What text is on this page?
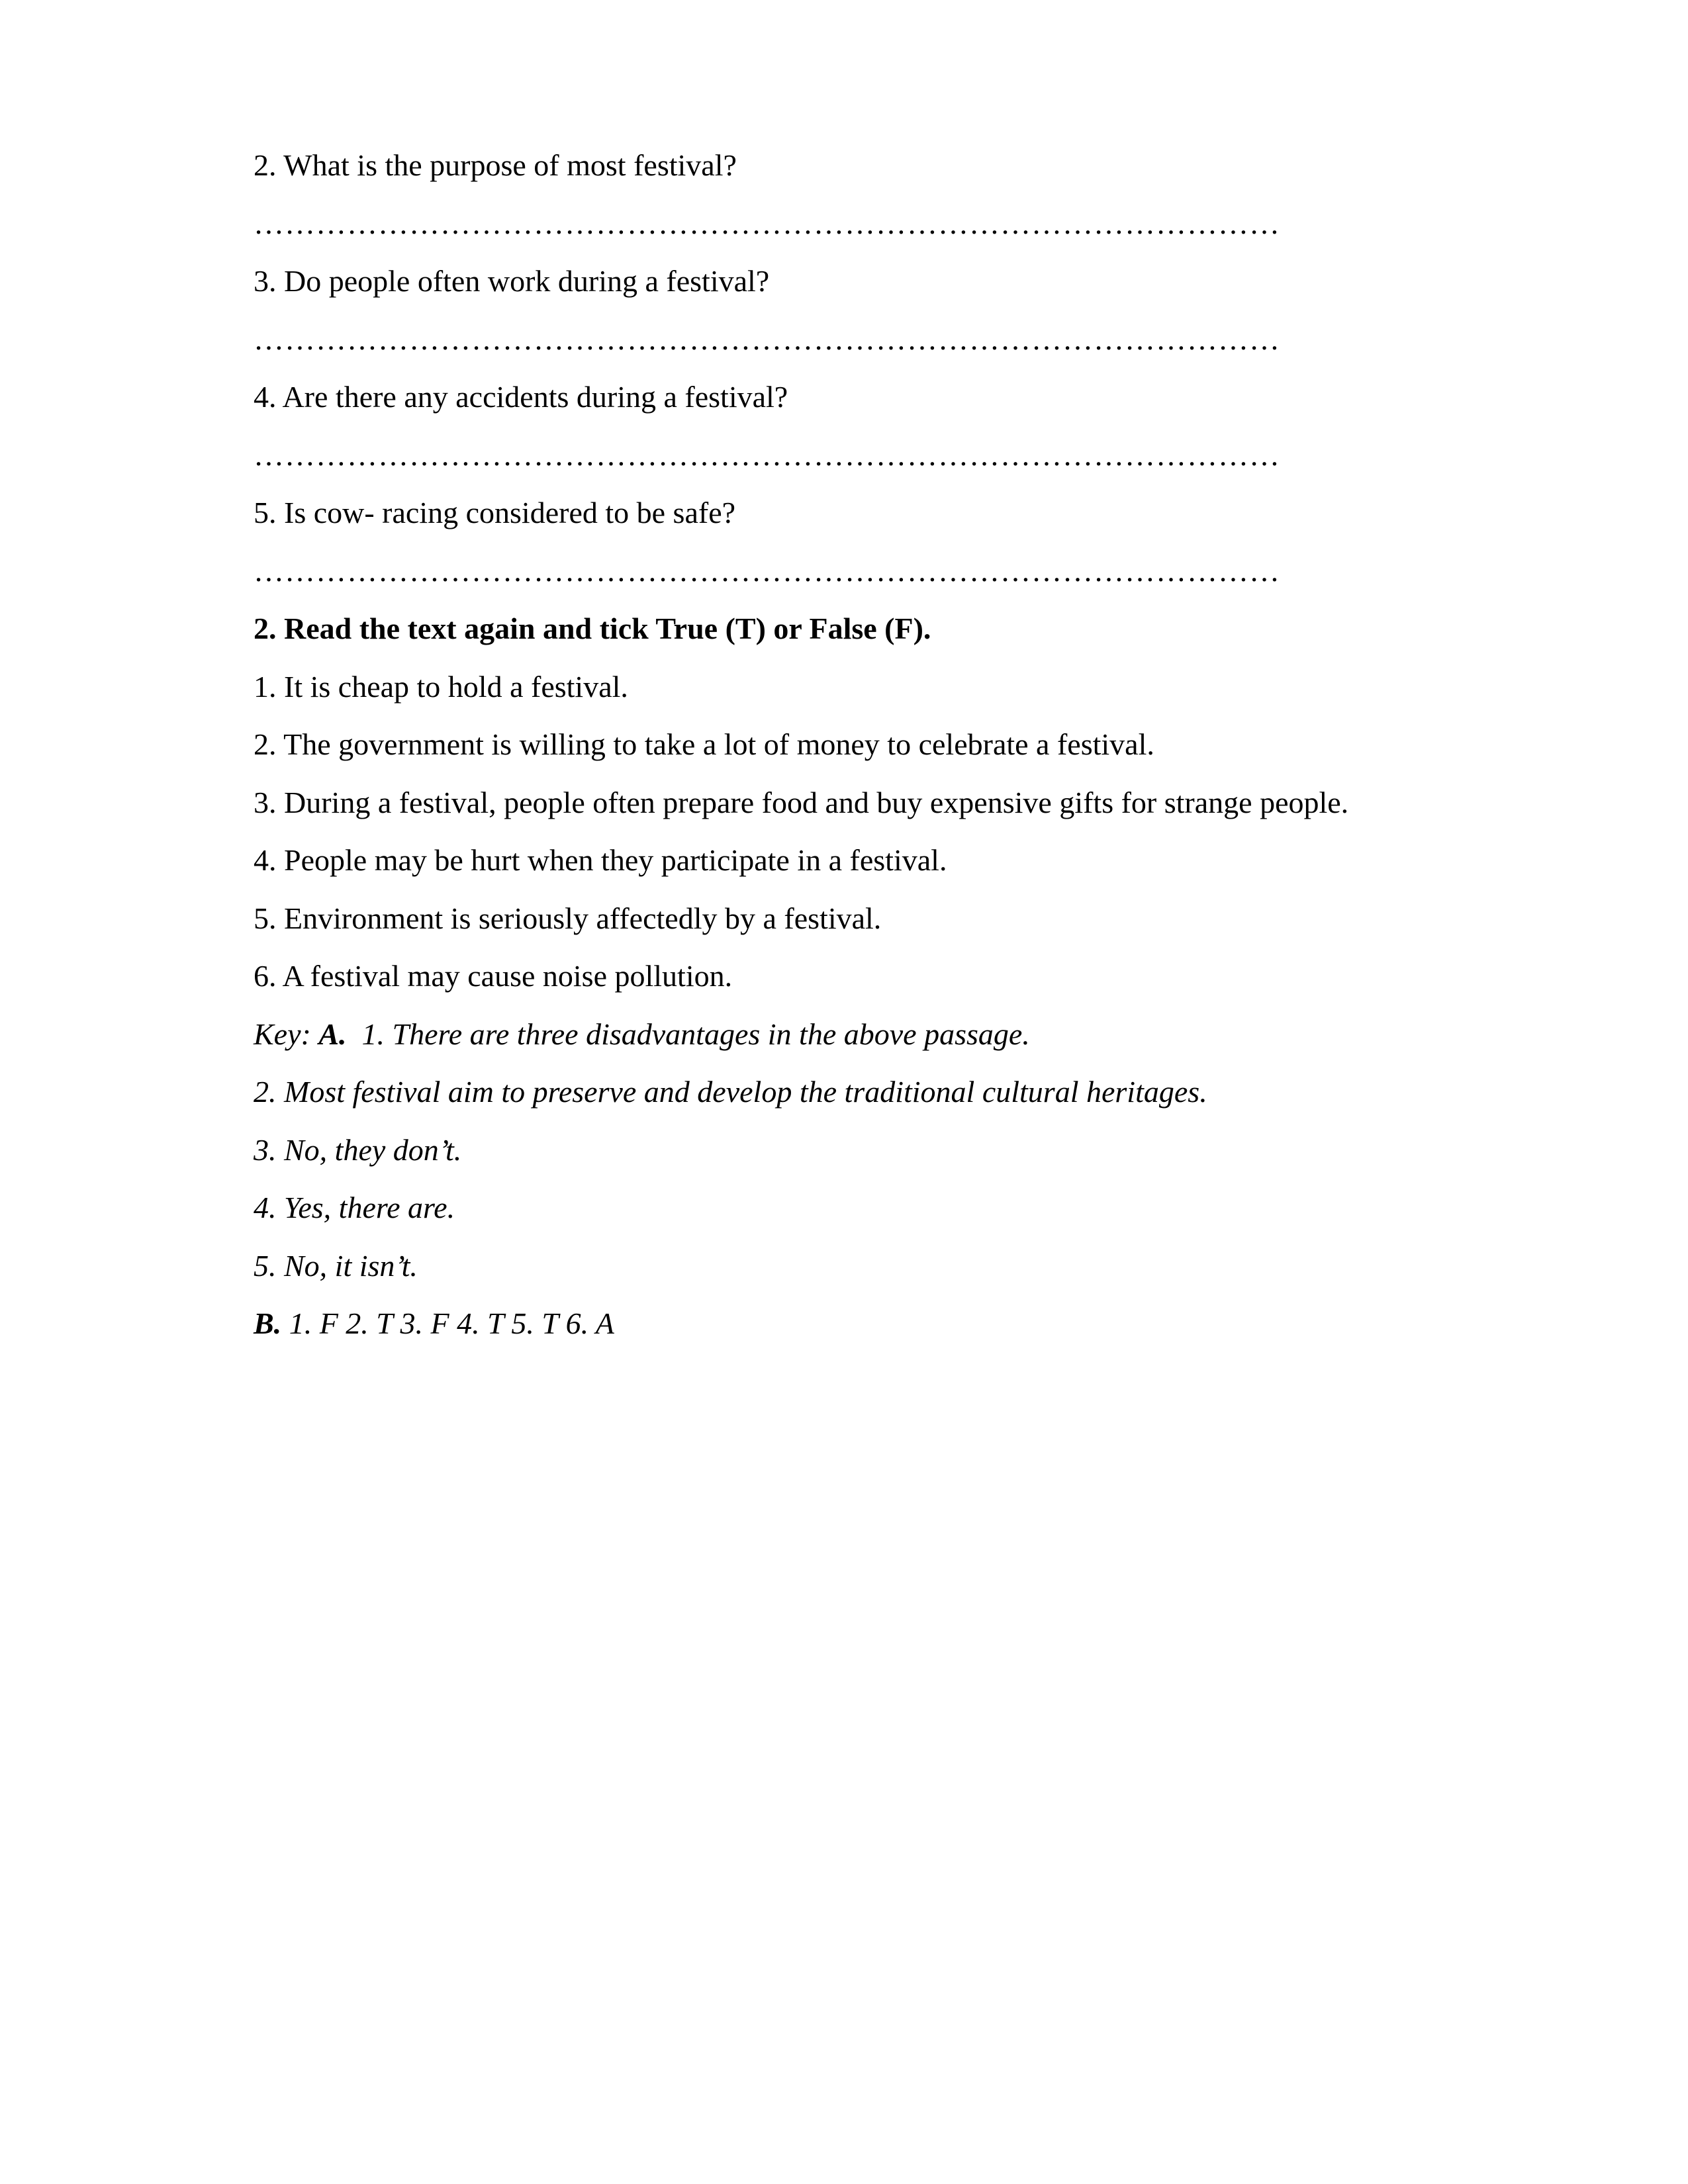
2. What is the purpose of most festival?
………………………………………………………………………………………
3. Do people often work during a festival?
………………………………………………………………………………………
4. Are there any accidents during a festival?
………………………………………………………………………………………
5. Is cow- racing considered to be safe?
………………………………………………………………………………………
2. Read the text again and tick True (T) or False (F).
1. It is cheap to hold a festival.
2. The government is willing to take a lot of money to celebrate a festival.
3. During a festival, people often prepare food and buy expensive gifts for strange people.
4. People may be hurt when they participate in a festival.
5. Environment is seriously affectedly by a festival.
6. A festival may cause noise pollution.
Key: A.  1. There are three disadvantages in the above passage.
2. Most festival aim to preserve and develop the traditional cultural heritages.
3. No, they don’t.
4. Yes, there are.
5. No, it isn’t.
B. 1. F 2. T 3. F 4. T 5. T 6. A
